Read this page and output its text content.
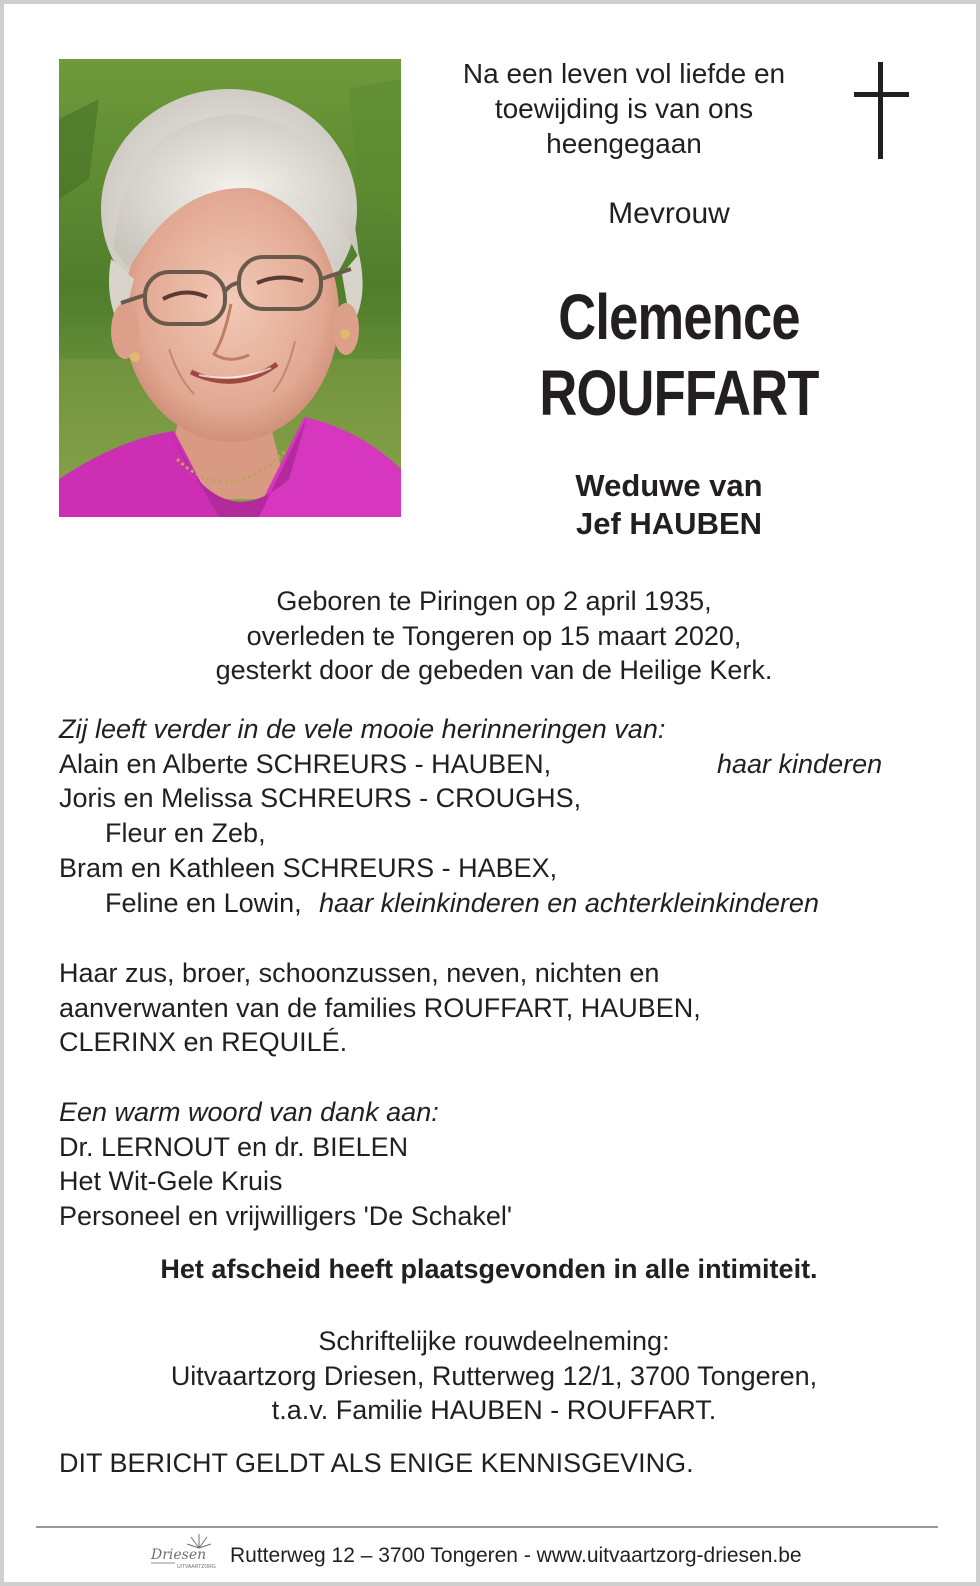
Na een leven vol liefde en
toewijding is van ons
heengegaan
Mevrouw
Clemence
ROUFFART
Weduwe van
Jef HAUBEN
Geboren te Piringen op 2 april 1935,
overleden te Tongeren op 15 maart 2020,
gesterkt door de gebeden van de Heilige Kerk.
Zij leeft verder in de vele mooie herinneringen van:
Alain en Alberte SCHREURS - HAUBEN,	haar kinderen
Joris en Melissa SCHREURS - CROUGHS,
Fleur en Zeb,
Bram en Kathleen SCHREURS - HABEX,
Feline en Lowin, haar kleinkinderen en achterkleinkinderen
Haar zus, broer, schoonzussen, neven, nichten en
aanverwanten van de families ROUFFART, HAUBEN,
CLERINX en REQUILÉ.
Een warm woord van dank aan:
Dr. LERNOUT en dr. BIELEN
Het Wit-Gele Kruis
Personeel en vrijwilligers 'De Schakel'
Het afscheid heeft plaatsgevonden in alle intimiteit.
Schriftelijke rouwdeelneming:
Uitvaartzorg Driesen, Rutterweg 12/1, 3700 Tongeren,
t.a.v. Familie HAUBEN - ROUFFART.
DIT BERICHT GELDT ALS ENIGE KENNISGEVING.
Driesen
UITVAARTZORG Rutterweg 12 – 3700 Tongeren - www.uitvaartzorg-driesen.be
